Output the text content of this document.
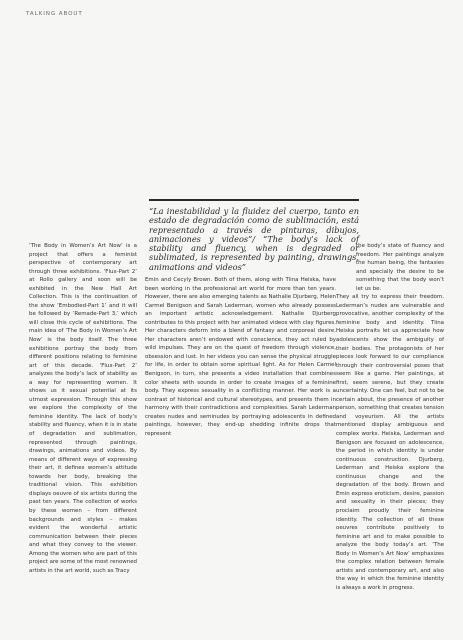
TALKING ABOUT
“La inestabilidad y la fluidez del cuerpo, tanto en estado de degradación como de sublimación, está representado a través de pinturas, dibujos, animaciones y videos”/ “The body’s lack of stability and fluency, when is degraded or sublimated, is represented by painting, drawings, animations and videos”

‘The Body in Women’s Art Now’ is a project that offers a feminist perspective of contemporary art through three exhibitions. ‘Flux-Part 2’ at Rollo gallery and soon will be exhibited in the New Hall Art Collection. This is the continuation of the show ‘Embodied-Part 1’ and it will be followed by ‘Remade-Part 3,’ which will close this cycle of exhibitions. The main idea of ‘The Body in Women’s Art Now’ is the body itself. The three exhibitions portray the body from different positions relating to feminine art of this decade. ‘Flux-Part 2’ analyzes the body’s lack of stability as a way for representing women. It shows us it sexual potential at its utmost expression. Through this show we explore the complexity of the feminine identity. The lack of body’s stability and fluency, when it is in state of degradation and sublimation, represented through paintings, drawings, animations and videos. By means of different ways of expressing their art, it defines women’s attitude towards her body, breaking the traditional vision. This exhibition displays oeuvre of six artists during the past ten years. The collection of works by these women – from different backgrounds and styles – makes evident the wonderful artistic communication between their pieces and what they convey to the viewer. Among the women who are part of this project are some of the most renowned artists in the art world, such as Tracy

Emin and Cecyly Brown. Both of them, along with Tiina Heiska, have been working in the professional art world for more than ten years. However, there are also emerging talents as Nathalie Djurberg, Helen Carmel Benigson and Sarah Lederman, women who already possess an important artistic acknowledgement. Nathalie Djurberg contributes to this project with her animated videos with clay figures. Her characters deform into a blend of fantasy and corporeal desire. Her characters aren’t endowed with conscience, they act ruled by wild impulses. They are on the quest of freedom through violence, obsession and lust. In her videos you can sense the physical struggle for life, in order to obtain some spiritual light. As for Helen Carmel Benigson, in turn, she presents a video installation that combines color sheets with sounds in order to create images of a feminine body. They express sexuality in a conflicting manner. Her work is a contrast of historical and cultural stereotypes, and presents them in harmony with their contradictions and complexities. Sarah Lederman creates nudes and seminudes by portraying adolescents in defined paintings, however, they end-up shedding infinite drops that represent

the body’s state of fluency and freedom. Her paintings analyze the human being, the fantasies and specially the desire to be something that the body won’t let us be.

They all try to express their freedom. Lederman’s nudes are vulnerable and provocative, another complexity of the feminine body and identity. Tiina Heiska portraits let us appreciate how adolescents show the ambiguity of their bodies. The protagonists of her pieces look forward to our compliance through their controversial poses that seem like a game. Her paintings, at first, seem serene, but they create uncertainty. One can feel, but not to be certain about, the presence of another person, something that creates tension and voyeurism. All the artists mentioned display ambiguous and complex works. Heiska, Lederman and Benigson are focused on adolescence, the period in which identity is under continuous construction. Djurberg, Lederman and Heiska explore the continuous change and the degradation of the body. Brown and Emin express eroticism, desire, passion and sexuality in their pieces; they proclaim proudly their feminine identity. The collection of all these oeuvres contribute positively to feminine art and to make possible to analyze the body today’s art. ‘The Body in Women’s Art Now’ emphasizes the complex relation between female artists and contemporary art, and also the way in which the feminine identity is always a work in progress.
